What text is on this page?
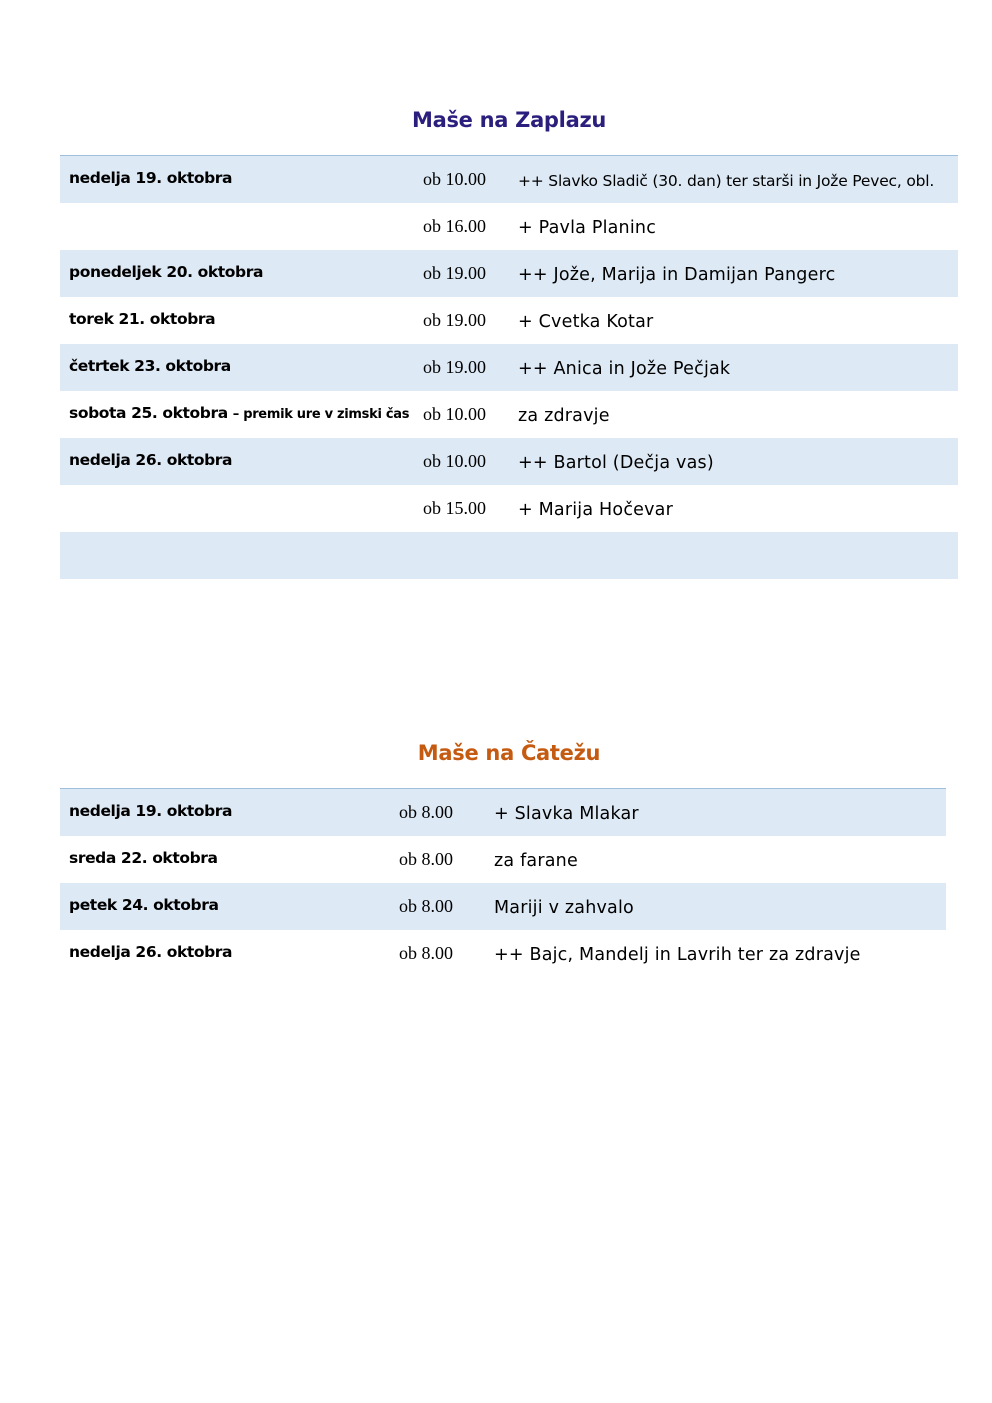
Maše na Zaplazu
nedelja 19. oktobra	ob 10.00 ++ Slavko Sladič (30. dan) ter starši in Jože Pevec, obl.
ob 16.00 + Pavla Planinc
ponedeljek 20. oktobra	ob 19.00 ++ Jože, Marija in Damijan Pangerc
torek 21. oktobra	ob 19.00 + Cvetka Kotar
četrtek 23. oktobra	ob 19.00 ++ Anica in Jože Pečjak
sobota 25. oktobra – premik ure v zimski čas ob 10.00 za zdravje
nedelja 26. oktobra	ob 10.00 ++ Bartol (Dečja vas)
ob 15.00 + Marija Hočevar
Maše na Čatežu
nedelja 19. oktobra	ob 8.00 + Slavka Mlakar
sreda 22. oktobra	ob 8.00 za farane
petek 24. oktobra	ob 8.00 Mariji v zahvalo
nedelja 26. oktobra	ob 8.00 ++ Bajc, Mandelj in Lavrih ter za zdravje
